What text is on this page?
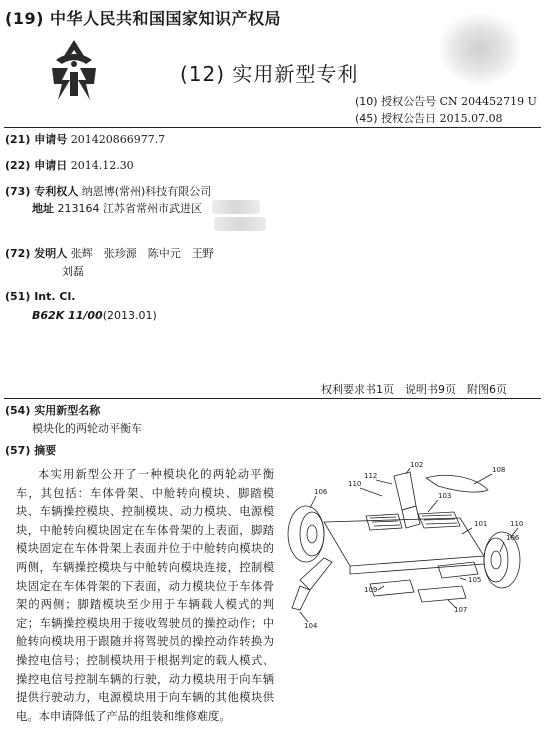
(19) 中华人民共和国国家知识产权局
(12) 实用新型专利
(10) 授权公告号 CN 204452719 U
(45) 授权公告日 2015.07.08
(21) 申请号 201420866977.7
(22) 申请日 2014.12.30
(73) 专利权人 纳恩博(常州)科技有限公司
地址 213164 江苏省常州市武进区
(72) 发明人 张辉　张珍源　陈中元　王野
刘磊
(51) Int. Cl.
B62K 11/00(2013.01)
权利要求书1页　说明书9页　附图6页
(54) 实用新型名称
模块化的两轮动平衡车
(57) 摘要
本实用新型公开了一种模块化的两轮动平衡车，其包括：车体骨架、中舱转向模块、脚踏模块、车辆操控模块、控制模块、动力模块、电源模块，中舱转向模块固定在车体骨架的上表面，脚踏模块固定在车体骨架上表面并位于中舱转向模块的两侧，车辆操控模块与中舱转向模块连接，控制模块固定在车体骨架的下表面，动力模块位于车体骨架的两侧；脚踏模块至少用于车辆载人模式的判定；车辆操控模块用于接收驾驶员的操控动作；中舱转向模块用于跟随并将驾驶员的操控动作转换为操控电信号；控制模块用于根据判定的载人模式、操控电信号控制车辆的行驶，动力模块用于向车辆提供行驶动力，电源模块用于向车辆的其他模块供电。本申请降低了产品的组装和维修难度。
102
112
110
108
106	103
101	110
106
105
109
107
104
